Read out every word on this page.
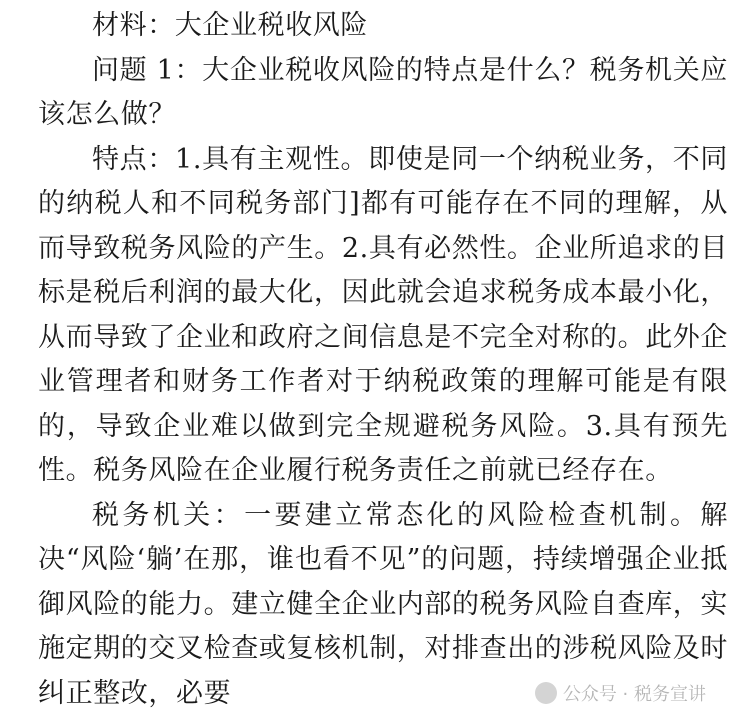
材料：大企业税收风险

问题 1：大企业税收风险的特点是什么？税务机关应该怎么做？

特点：1.具有主观性。即使是同一个纳税业务，不同的纳税人和不同税务部门]都有可能存在不同的理解，从而导致税务风险的产生。2.具有必然性。企业所追求的目标是税后利润的最大化，因此就会追求税务成本最小化，从而导致了企业和政府之间信息是不完全对称的。此外企业管理者和财务工作者对于纳税政策的理解可能是有限的，导致企业难以做到完全规避税务风险。3.具有预先性。税务风险在企业履行税务责任之前就已经存在。

税务机关：一要建立常态化的风险检查机制。解决“风险‘躺’在那，谁也看不见”的问题，持续增强企业抵御风险的能力。建立健全企业内部的税务风险自查库，实施定期的交叉检查或复核机制，对排查出的涉税风险及时纠正整改，必要	公众号 · 税务宣讲
